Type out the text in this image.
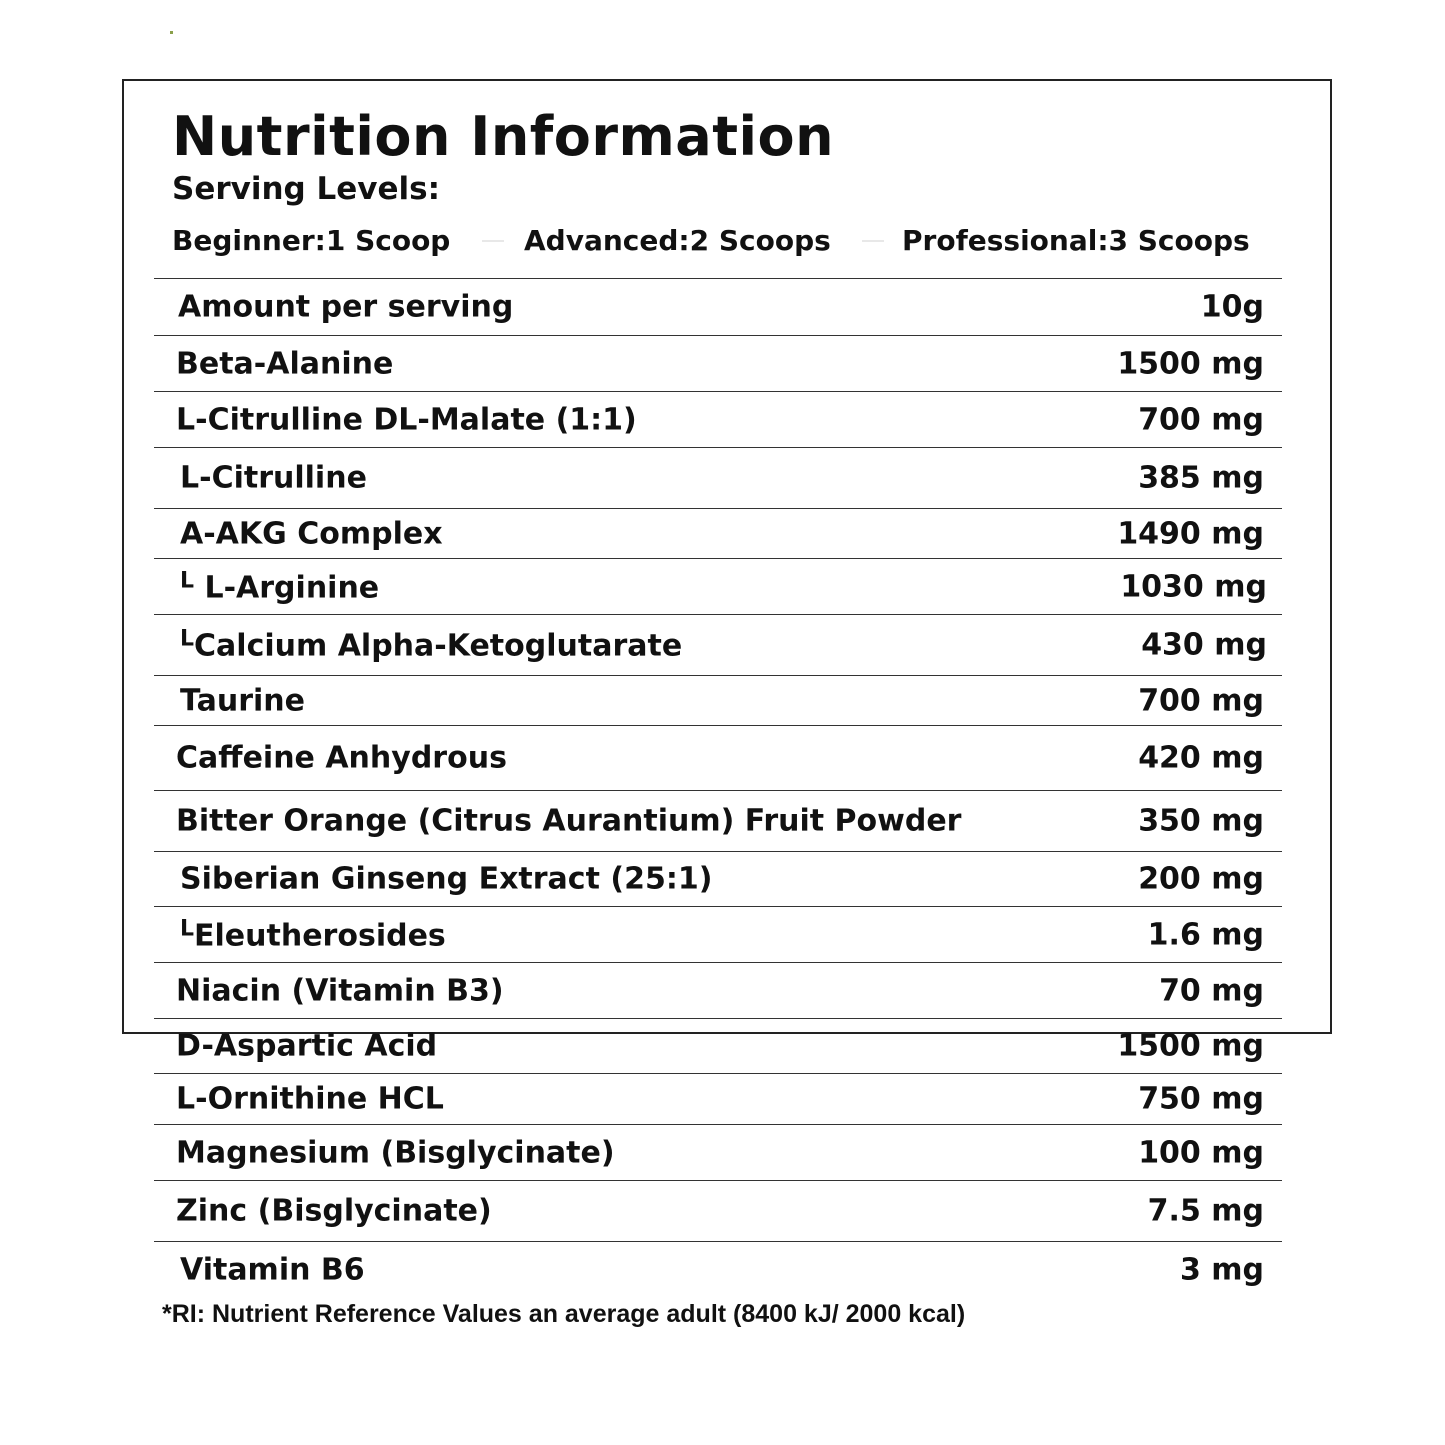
Nutrition Information
Serving Levels:
Beginner:1 Scoop	Advanced:2 Scoops	Professional:3 Scoops
Amount per serving	10g
Beta-Alanine	1500 mg
L-Citrulline DL-Malate (1:1)	700 mg
L-Citrulline	385 mg
A-AKG Complex	1490 mg
$^L$ L-Arginine	1030 mg
$^L$Calcium Alpha-Ketoglutarate	430 mg
Taurine	700 mg
Caffeine Anhydrous	420 mg
Bitter Orange (Citrus Aurantium) Fruit Powder	350 mg
Siberian Ginseng Extract (25:1)	200 mg
$^L$Eleutherosides	1.6 mg
Niacin (Vitamin B3)	70 mg
D-Aspartic Acid	1500 mg
L-Ornithine HCL	750 mg
Magnesium (Bisglycinate)	100 mg
Zinc (Bisglycinate)	7.5 mg
Vitamin B6	3 mg
*RI: Nutrient Reference Values an average adult (8400 kJ/ 2000 kcal)
